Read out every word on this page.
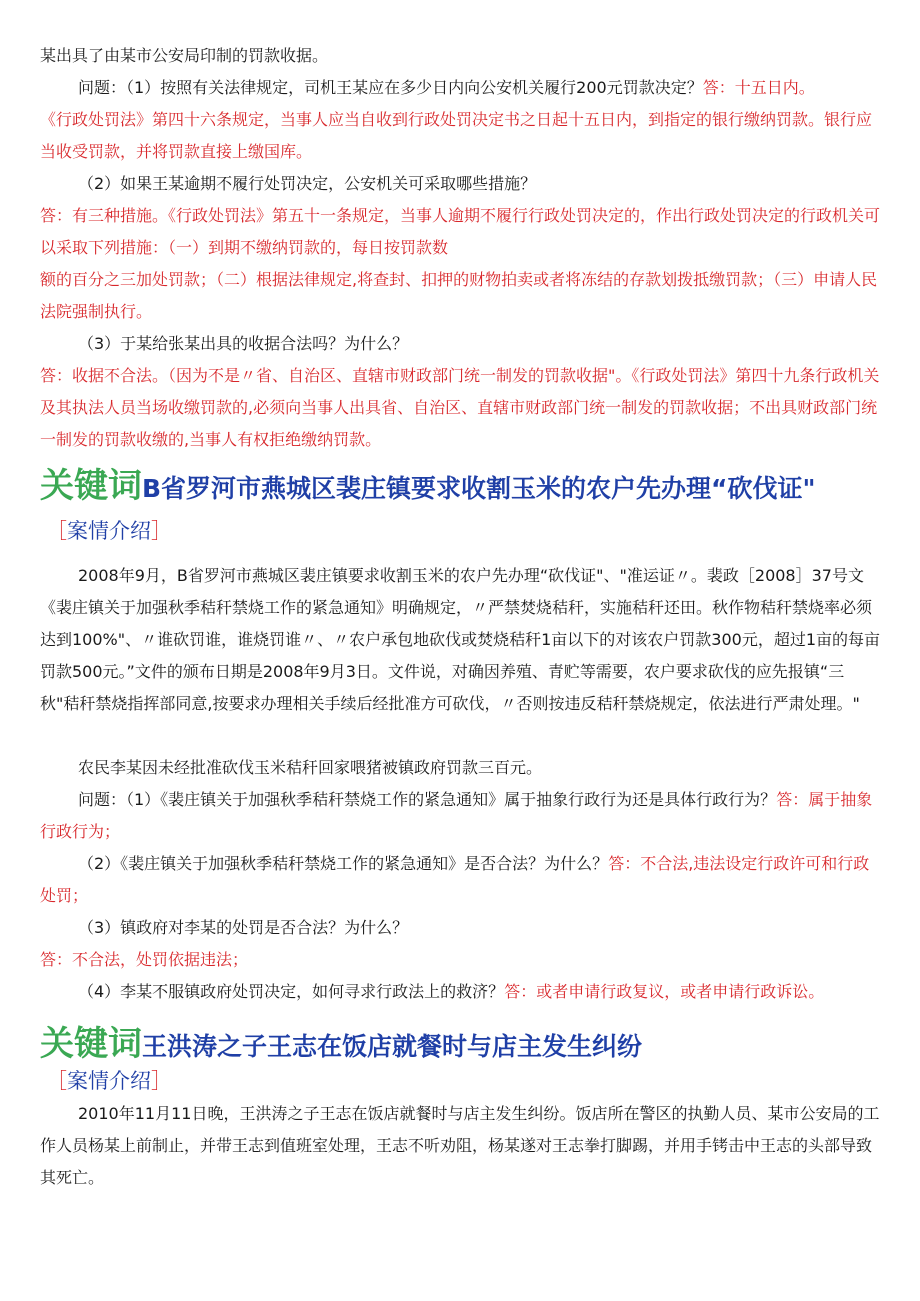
某出具了由某市公安局印制的罚款收据。

问题：（1）按照有关法律规定，司机王某应在多少日内向公安机关履行200元罚款决定？答：十五日内。

《行政处罚法》第四十六条规定，当事人应当自收到行政处罚决定书之日起十五日内，到指定的银行缴纳罚款。银行应当收受罚款，并将罚款直接上缴国库。

（2）如果王某逾期不履行处罚决定，公安机关可采取哪些措施？

答：有三种措施。《行政处罚法》第五十一条规定，当事人逾期不履行行政处罚决定的，作出行政处罚决定的行政机关可以采取下列措施：（一）到期不缴纳罚款的，每日按罚款数

额的百分之三加处罚款；（二）根据法律规定,将查封、扣押的财物拍卖或者将冻结的存款划拨抵缴罚款；（三）申请人民法院强制执行。

（3）于某给张某出具的收据合法吗？为什么？

答：收据不合法。（因为不是〃省、自治区、直辖市财政部门统一制发的罚款收据"。《行政处罚法》第四十九条行政机关及其执法人员当场收缴罚款的,必须向当事人出具省、自治区、直辖市财政部门统一制发的罚款收据；不出具财政部门统一制发的罚款收缴的,当事人有权拒绝缴纳罚款。

关键词B省罗河市燕城区裴庄镇要求收割玉米的农户先办理“砍伐证"
［案情介绍］

2008年9月，B省罗河市燕城区裴庄镇要求收割玉米的农户先办理“砍伐证"、"准运证〃。裴政［2008］37号文《裴庄镇关于加强秋季秸秆禁烧工作的紧急通知》明确规定，〃严禁焚烧秸秆，实施秸秆还田。秋作物秸秆禁烧率必须达到100%"、〃谁砍罚谁，谁烧罚谁〃、〃农户承包地砍伐或焚烧秸秆1亩以下的对该农户罚款300元，超过1亩的每亩罚款500元。”文件的颁布日期是2008年9月3日。文件说，对确因养殖、青贮等需要，农户要求砍伐的应先报镇“三秋"秸秆禁烧指挥部同意,按要求办理相关手续后经批准方可砍伐，〃否则按违反秸秆禁烧规定，依法进行严肃处理。"

农民李某因未经批准砍伐玉米秸秆回家喂猪被镇政府罚款三百元。

问题：（1）《裴庄镇关于加强秋季秸秆禁烧工作的紧急通知》属于抽象行政行为还是具体行政行为？答：属于抽象行政行为；

（2）《裴庄镇关于加强秋季秸秆禁烧工作的紧急通知》是否合法？为什么？答：不合法,违法设定行政许可和行政处罚；

（3）镇政府对李某的处罚是否合法？为什么？

答：不合法，处罚依据违法；

（4）李某不服镇政府处罚决定，如何寻求行政法上的救济？答：或者申请行政复议，或者申请行政诉讼。

关键词王洪涛之子王志在饭店就餐时与店主发生纠纷
［案情介绍］

2010年11月11日晚，王洪涛之子王志在饭店就餐时与店主发生纠纷。饭店所在警区的执勤人员、某市公安局的工作人员杨某上前制止，并带王志到值班室处理，王志不听劝阻，杨某遂对王志拳打脚踢，并用手铐击中王志的头部导致其死亡。
